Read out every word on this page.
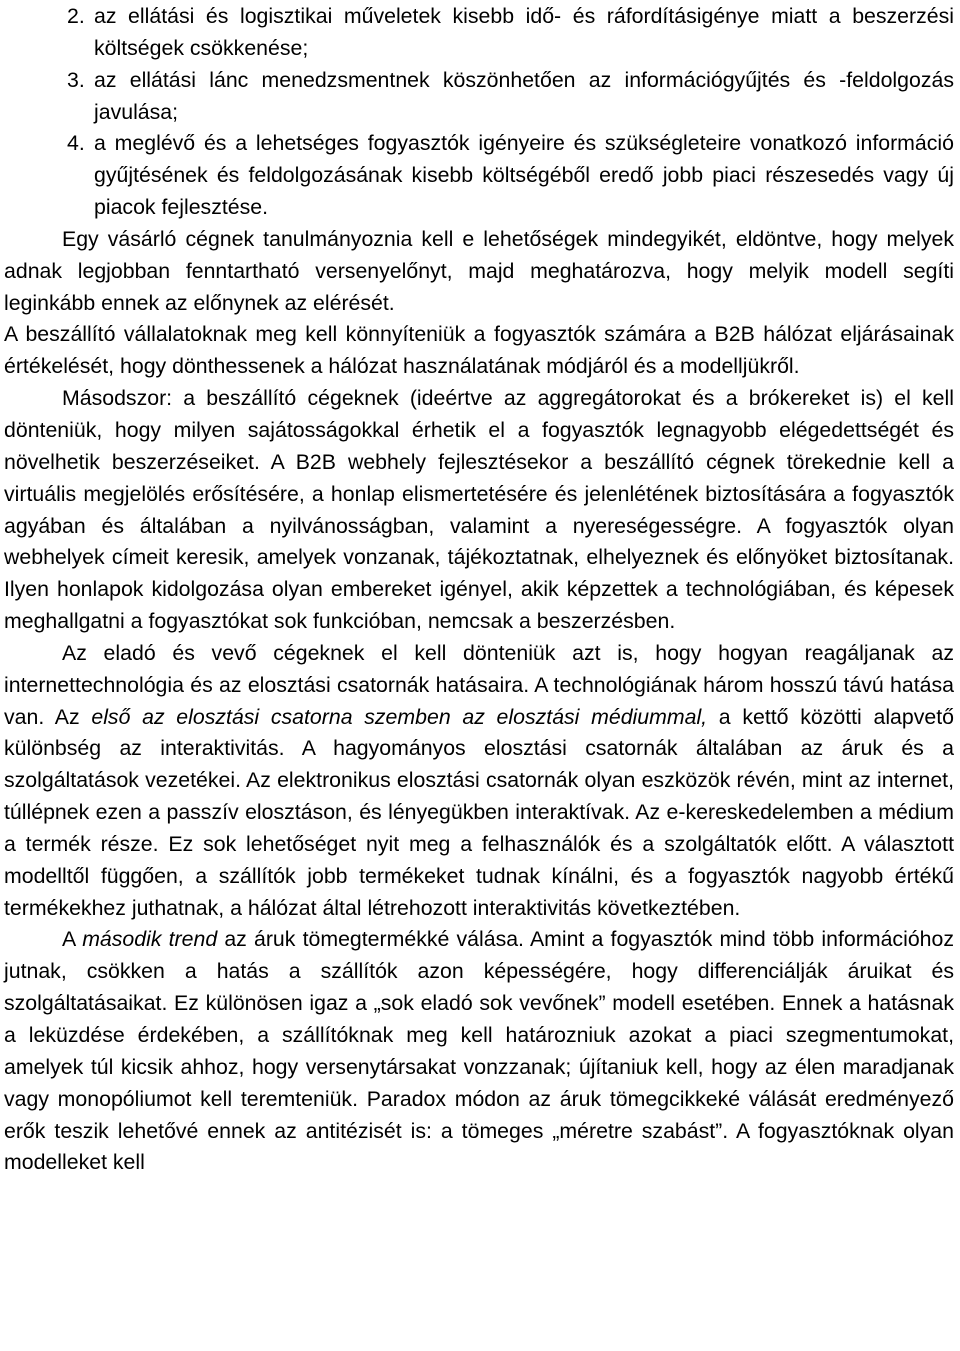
2. az ellátási és logisztikai műveletek kisebb idő- és ráfordításigénye miatt a beszerzési költségek csökkenése;
3. az ellátási lánc menedzsmentnek köszönhetően az információgyűjtés és -feldolgozás javulása;
4. a meglévő és a lehetséges fogyasztók igényeire és szükségleteire vonatkozó információ gyűjtésének és feldolgozásának kisebb költségéből eredő jobb piaci részesedés vagy új piacok fejlesztése.

Egy vásárló cégnek tanulmányoznia kell e lehetőségek mindegyikét, eldöntve, hogy melyek adnak legjobban fenntartható versenyelőnyt, majd meghatározva, hogy melyik modell segíti leginkább ennek az előnynek az elérését.

A beszállító vállalatoknak meg kell könnyíteniük a fogyasztók számára a B2B hálózat eljárásainak értékelését, hogy dönthessenek a hálózat használatának módjáról és a modelljükről.

Másodszor: a beszállító cégeknek (ideértve az aggregátorokat és a brókereket is) el kell dönteniük, hogy milyen sajátosságokkal érhetik el a fogyasztók legnagyobb elégedettségét és növelhetik beszerzéseiket. A B2B webhely fejlesztésekor a beszállító cégnek törekednie kell a virtuális megjelölés erősítésére, a honlap elismertetésére és jelenlétének biztosítására a fogyasztók agyában és általában a nyilvánosságban, valamint a nyereségességre. A fogyasztók olyan webhelyek címeit keresik, amelyek vonzanak, tájékoztatnak, elhelyeznek és előnyöket biztosítanak. Ilyen honlapok kidolgozása olyan embereket igényel, akik képzettek a technológiában, és képesek meghallgatni a fogyasztókat sok funkcióban, nemcsak a beszerzésben.

Az eladó és vevő cégeknek el kell dönteniük azt is, hogy hogyan reagáljanak az internettechnológia és az elosztási csatornák hatásaira. A technológiának három hosszú távú hatása van. Az első az elosztási csatorna szemben az elosztási médiummal, a kettő közötti alapvető különbség az interaktivitás. A hagyományos elosztási csatornák általában az áruk és a szolgáltatások vezetékei. Az elektronikus elosztási csatornák olyan eszközök révén, mint az internet, túllépnek ezen a passzív elosztáson, és lényegükben interaktívak. Az e-kereskedelemben a médium a termék része. Ez sok lehetőséget nyit meg a felhasználók és a szolgáltatók előtt. A választott modelltől függően, a szállítók jobb termékeket tudnak kínálni, és a fogyasztók nagyobb értékű termékekhez juthatnak, a hálózat által létrehozott interaktivitás következtében.

A második trend az áruk tömegtermékké válása. Amint a fogyasztók mind több információhoz jutnak, csökken a hatás a szállítók azon képességére, hogy differenciálják áruikat és szolgáltatásaikat. Ez különösen igaz a „sok eladó sok vevőnek” modell esetében. Ennek a hatásnak a leküzdése érdekében, a szállítóknak meg kell határozniuk azokat a piaci szegmentumokat, amelyek túl kicsik ahhoz, hogy versenytársakat vonzzanak; újítaniuk kell, hogy az élen maradjanak vagy monopóliumot kell teremteniük. Paradox módon az áruk tömegcikkeké válását eredményező erők teszik lehetővé ennek az antitézisét is: a tömeges „méretre szabást”. A fogyasztóknak olyan modelleket kell
